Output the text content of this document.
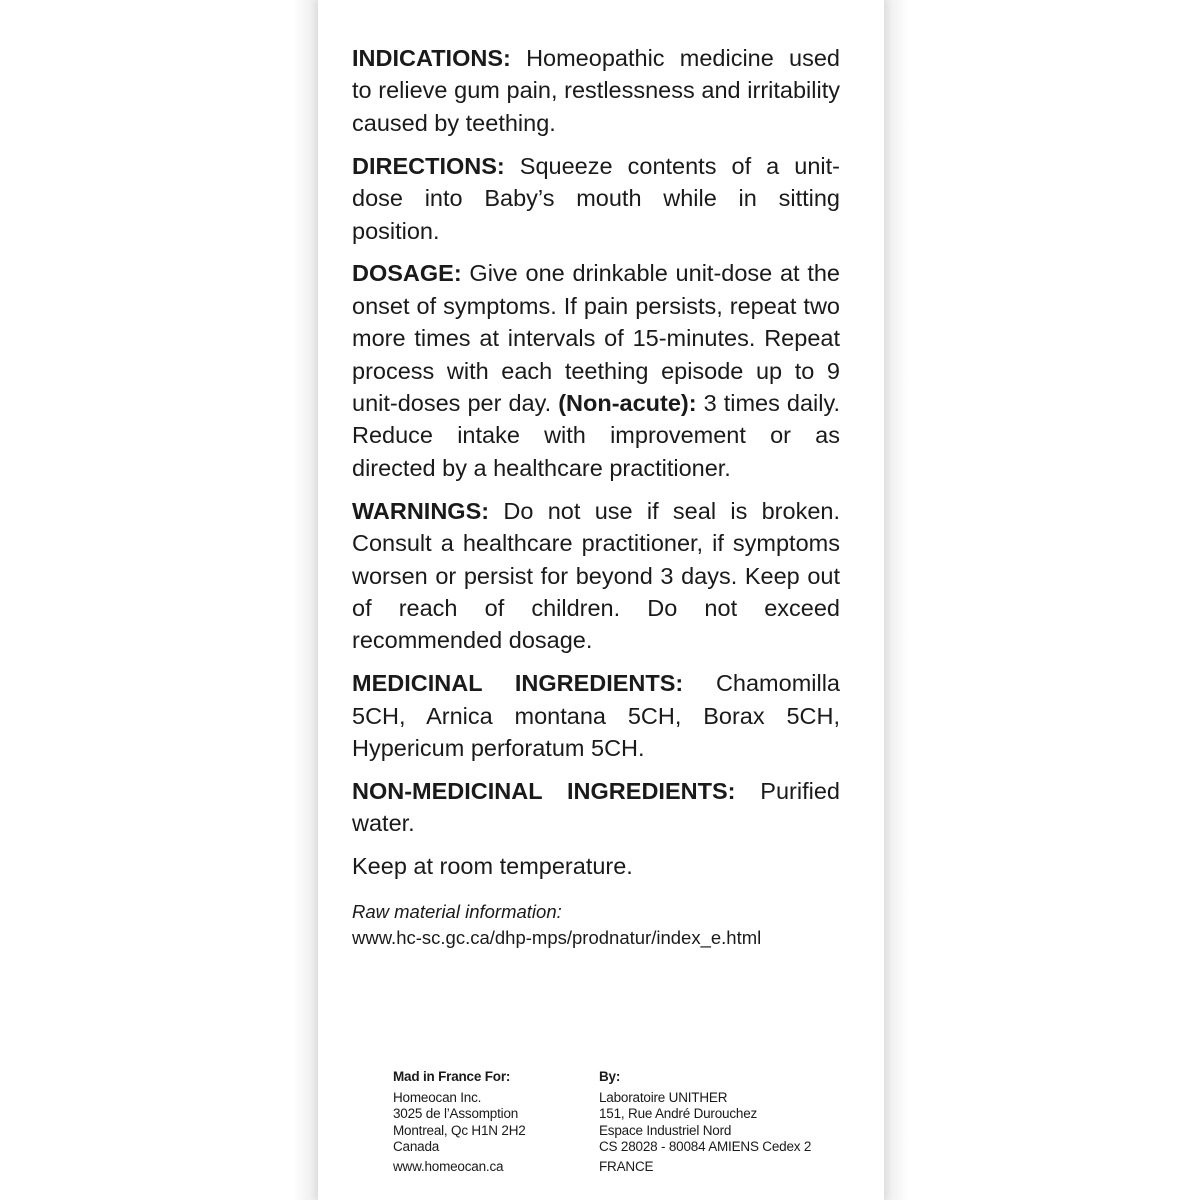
INDICATIONS: Homeopathic medicine used to relieve gum pain, restlessness and irritability caused by teething.

DIRECTIONS: Squeeze contents of a unit-dose into Baby’s mouth while in sitting position.

DOSAGE: Give one drinkable unit-dose at the onset of symptoms. If pain persists, repeat two more times at intervals of 15-minutes. Repeat process with each teething episode up to 9 unit-doses per day. (Non-acute): 3 times daily. Reduce intake with improvement or as directed by a healthcare practitioner.

WARNINGS: Do not use if seal is broken. Consult a healthcare practitioner, if symptoms worsen or persist for beyond 3 days. Keep out of reach of children. Do not exceed recommended dosage.

MEDICINAL INGREDIENTS: Chamomilla 5CH, Arnica montana 5CH, Borax 5CH, Hypericum perforatum 5CH.

NON-MEDICINAL INGREDIENTS: Purified water.

Keep at room temperature.

Raw material information:
www.hc-sc.gc.ca/dhp-mps/prodnatur/index_e.html
Mad in France For:
Homeocan Inc.
3025 de l’Assomption
Montreal, Qc H1N 2H2
Canada
www.homeocan.ca
By:
Laboratoire UNITHER
151, Rue André Durouchez
Espace Industriel Nord
CS 28028 - 80084 AMIENS Cedex 2
FRANCE
